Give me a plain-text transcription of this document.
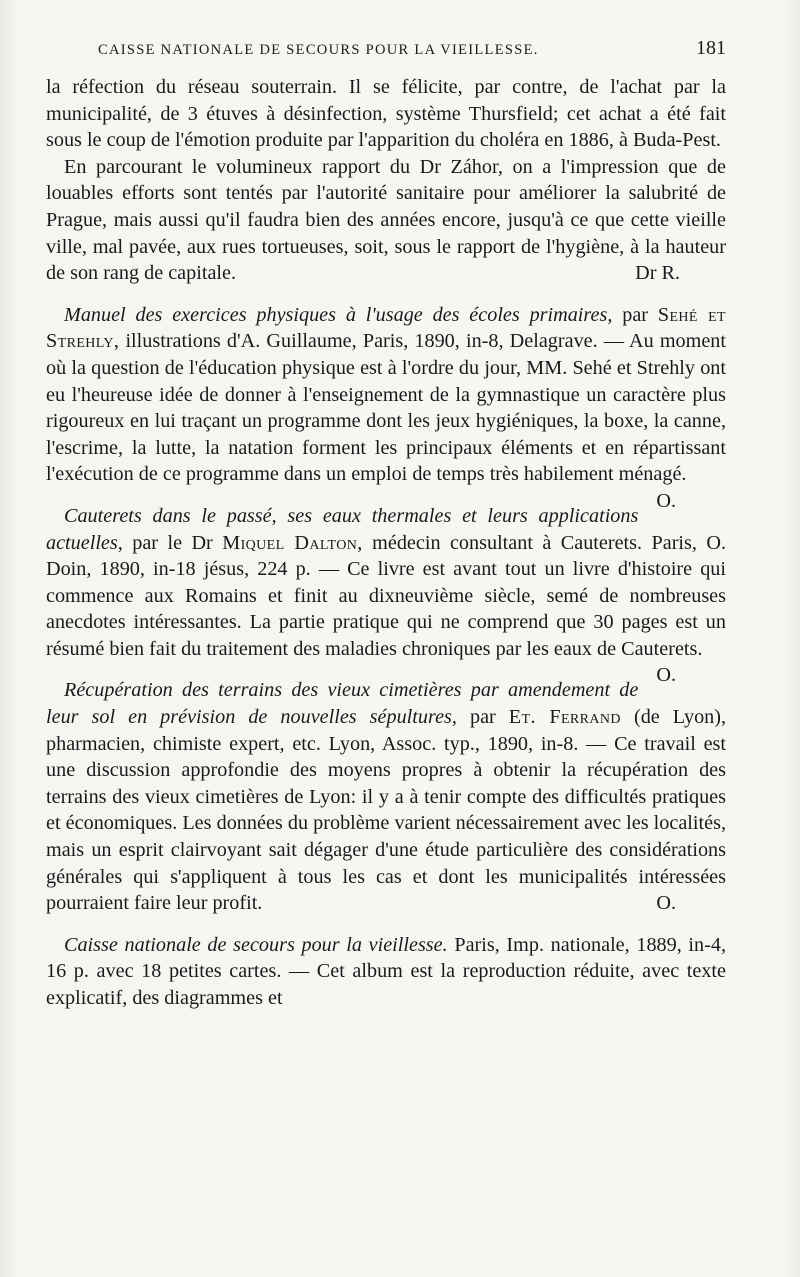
CAISSE NATIONALE DE SECOURS POUR LA VIEILLESSE.	181

la réfection du réseau souterrain. Il se félicite, par contre, de l'achat par la municipalité, de 3 étuves à désinfection, système Thursfield; cet achat a été fait sous le coup de l'émotion produite par l'apparition du choléra en 1886, à Buda-Pest.

En parcourant le volumineux rapport du Dr Záhor, on a l'impression que de louables efforts sont tentés par l'autorité sanitaire pour améliorer la salubrité de Prague, mais aussi qu'il faudra bien des années encore, jusqu'à ce que cette vieille ville, mal pavée, aux rues tortueuses, soit, sous le rapport de l'hygiène, à la hauteur de son rang de capitale.	Dr R.

Manuel des exercices physiques à l'usage des écoles primaires, par Sehé et Strehly, illustrations d'A. Guillaume, Paris, 1890, in-8, Delagrave. — Au moment où la question de l'éducation physique est à l'ordre du jour, MM. Sehé et Strehly ont eu l'heureuse idée de donner à l'enseignement de la gymnastique un caractère plus rigoureux en lui traçant un programme dont les jeux hygiéniques, la boxe, la canne, l'escrime, la lutte, la natation forment les principaux éléments et en répartissant l'exécution de ce programme dans un emploi de temps très habilement ménagé.
O.

Cauterets dans le passé, ses eaux thermales et leurs applications actuelles, par le Dr Miquel Dalton, médecin consultant à Cauterets. Paris, O. Doin, 1890, in-18 jésus, 224 p. — Ce livre est avant tout un livre d'histoire qui commence aux Romains et finit au dixneuvième siècle, semé de nombreuses anecdotes intéressantes. La partie pratique qui ne comprend que 30 pages est un résumé bien fait du traitement des maladies chroniques par les eaux de Cauterets.
O.

Récupération des terrains des vieux cimetières par amendement de leur sol en prévision de nouvelles sépultures, par Et. Ferrand (de Lyon), pharmacien, chimiste expert, etc. Lyon, Assoc. typ., 1890, in-8. — Ce travail est une discussion approfondie des moyens propres à obtenir la récupération des terrains des vieux cimetières de Lyon: il y a à tenir compte des difficultés pratiques et économiques. Les données du problème varient nécessairement avec les localités, mais un esprit clairvoyant sait dégager d'une étude particulière des considérations générales qui s'appliquent à tous les cas et dont les municipalités intéressées pourraient faire leur profit.	O.

Caisse nationale de secours pour la vieillesse. Paris, Imp. nationale, 1889, in-4, 16 p. avec 18 petites cartes. — Cet album est la reproduction réduite, avec texte explicatif, des diagrammes et
